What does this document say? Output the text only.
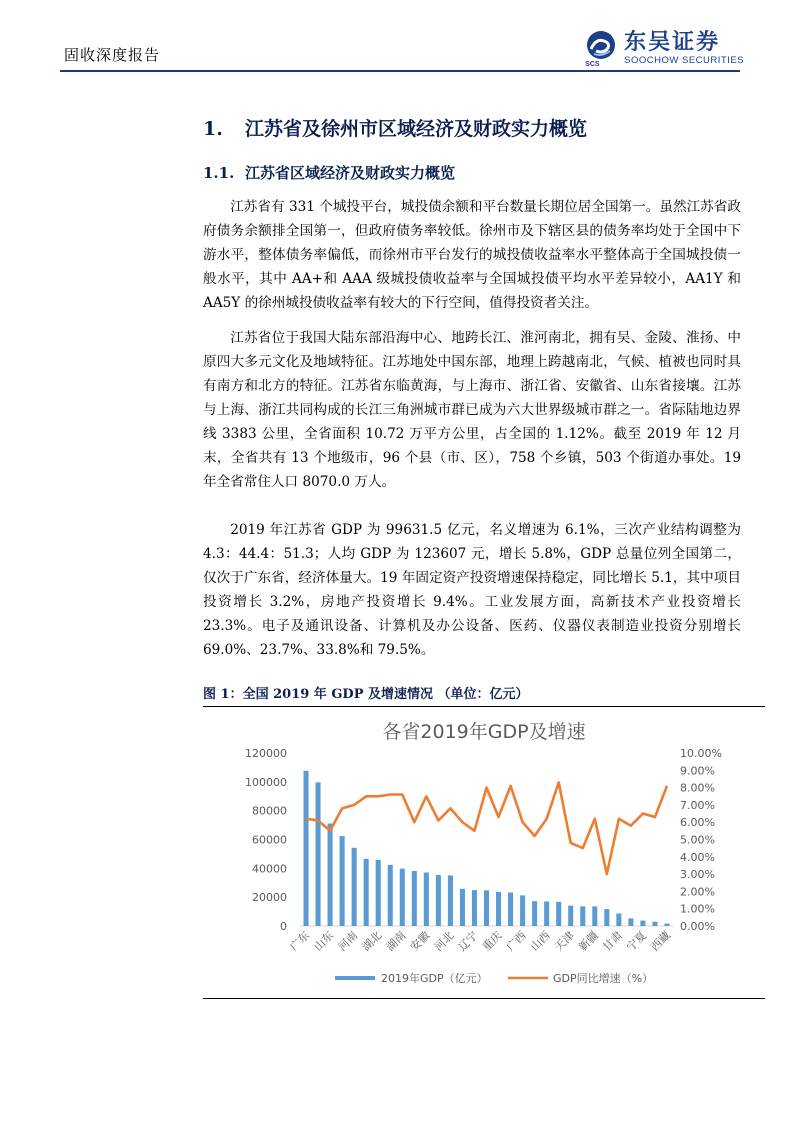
固收深度报告
SCS
东吴证券
SOOCHOW SECURITIES
1. 江苏省及徐州市区域经济及财政实力概览
1.1. 江苏省区域经济及财政实力概览

江苏省有 331 个城投平台，城投债余额和平台数量长期位居全国第一。虽然江苏省政府债务余额排全国第一，但政府债务率较低。徐州市及下辖区县的债务率均处于全国中下游水平，整体债务率偏低，而徐州市平台发行的城投债收益率水平整体高于全国城投债一般水平，其中 AA+和 AAA 级城投债收益率与全国城投债平均水平差异较小，AA1Y 和 AA5Y 的徐州城投债收益率有较大的下行空间，值得投资者关注。

江苏省位于我国大陆东部沿海中心、地跨长江、淮河南北，拥有吴、金陵、淮扬、中原四大多元文化及地域特征。江苏地处中国东部，地理上跨越南北，气候、植被也同时具有南方和北方的特征。江苏省东临黄海，与上海市、浙江省、安徽省、山东省接壤。江苏与上海、浙江共同构成的长江三角洲城市群已成为六大世界级城市群之一。省际陆地边界线 3383 公里，全省面积 10.72 万平方公里，占全国的 1.12%。截至 2019 年 12 月末，全省共有 13 个地级市，96 个县（市、区），758 个乡镇，503 个街道办事处。19 年全省常住人口 8070.0 万人。

2019 年江苏省 GDP 为 99631.5 亿元，名义增速为 6.1%，三次产业结构调整为 4.3：44.4：51.3；人均 GDP 为 123607 元，增长 5.8%，GDP 总量位列全国第二，仅次于广东省，经济体量大。19 年固定资产投资增速保持稳定，同比增长 5.1，其中项目投资增长 3.2%，房地产投资增长 9.4%。工业发展方面，高新技术产业投资增长 23.3%。电子及通讯设备、计算机及办公设备、医药、仪器仪表制造业投资分别增长 69.0%、23.7%、33.8%和 79.5%。

图 1：全国 2019 年 GDP 及增速情况 （单位：亿元）
各省2019年GDP及增速
0
20000
40000
60000
80000
100000
120000
0.00%
1.00%
2.00%
3.00%
4.00%
5.00%
6.00%
7.00%
8.00%
9.00%
10.00%
广东 山东 河南 湖北 湖南 安徽 河北 辽宁 重庆 广西 山西 天津 新疆 甘肃 宁夏 西藏
2019年GDP（亿元）	GDP同比增速（%）
